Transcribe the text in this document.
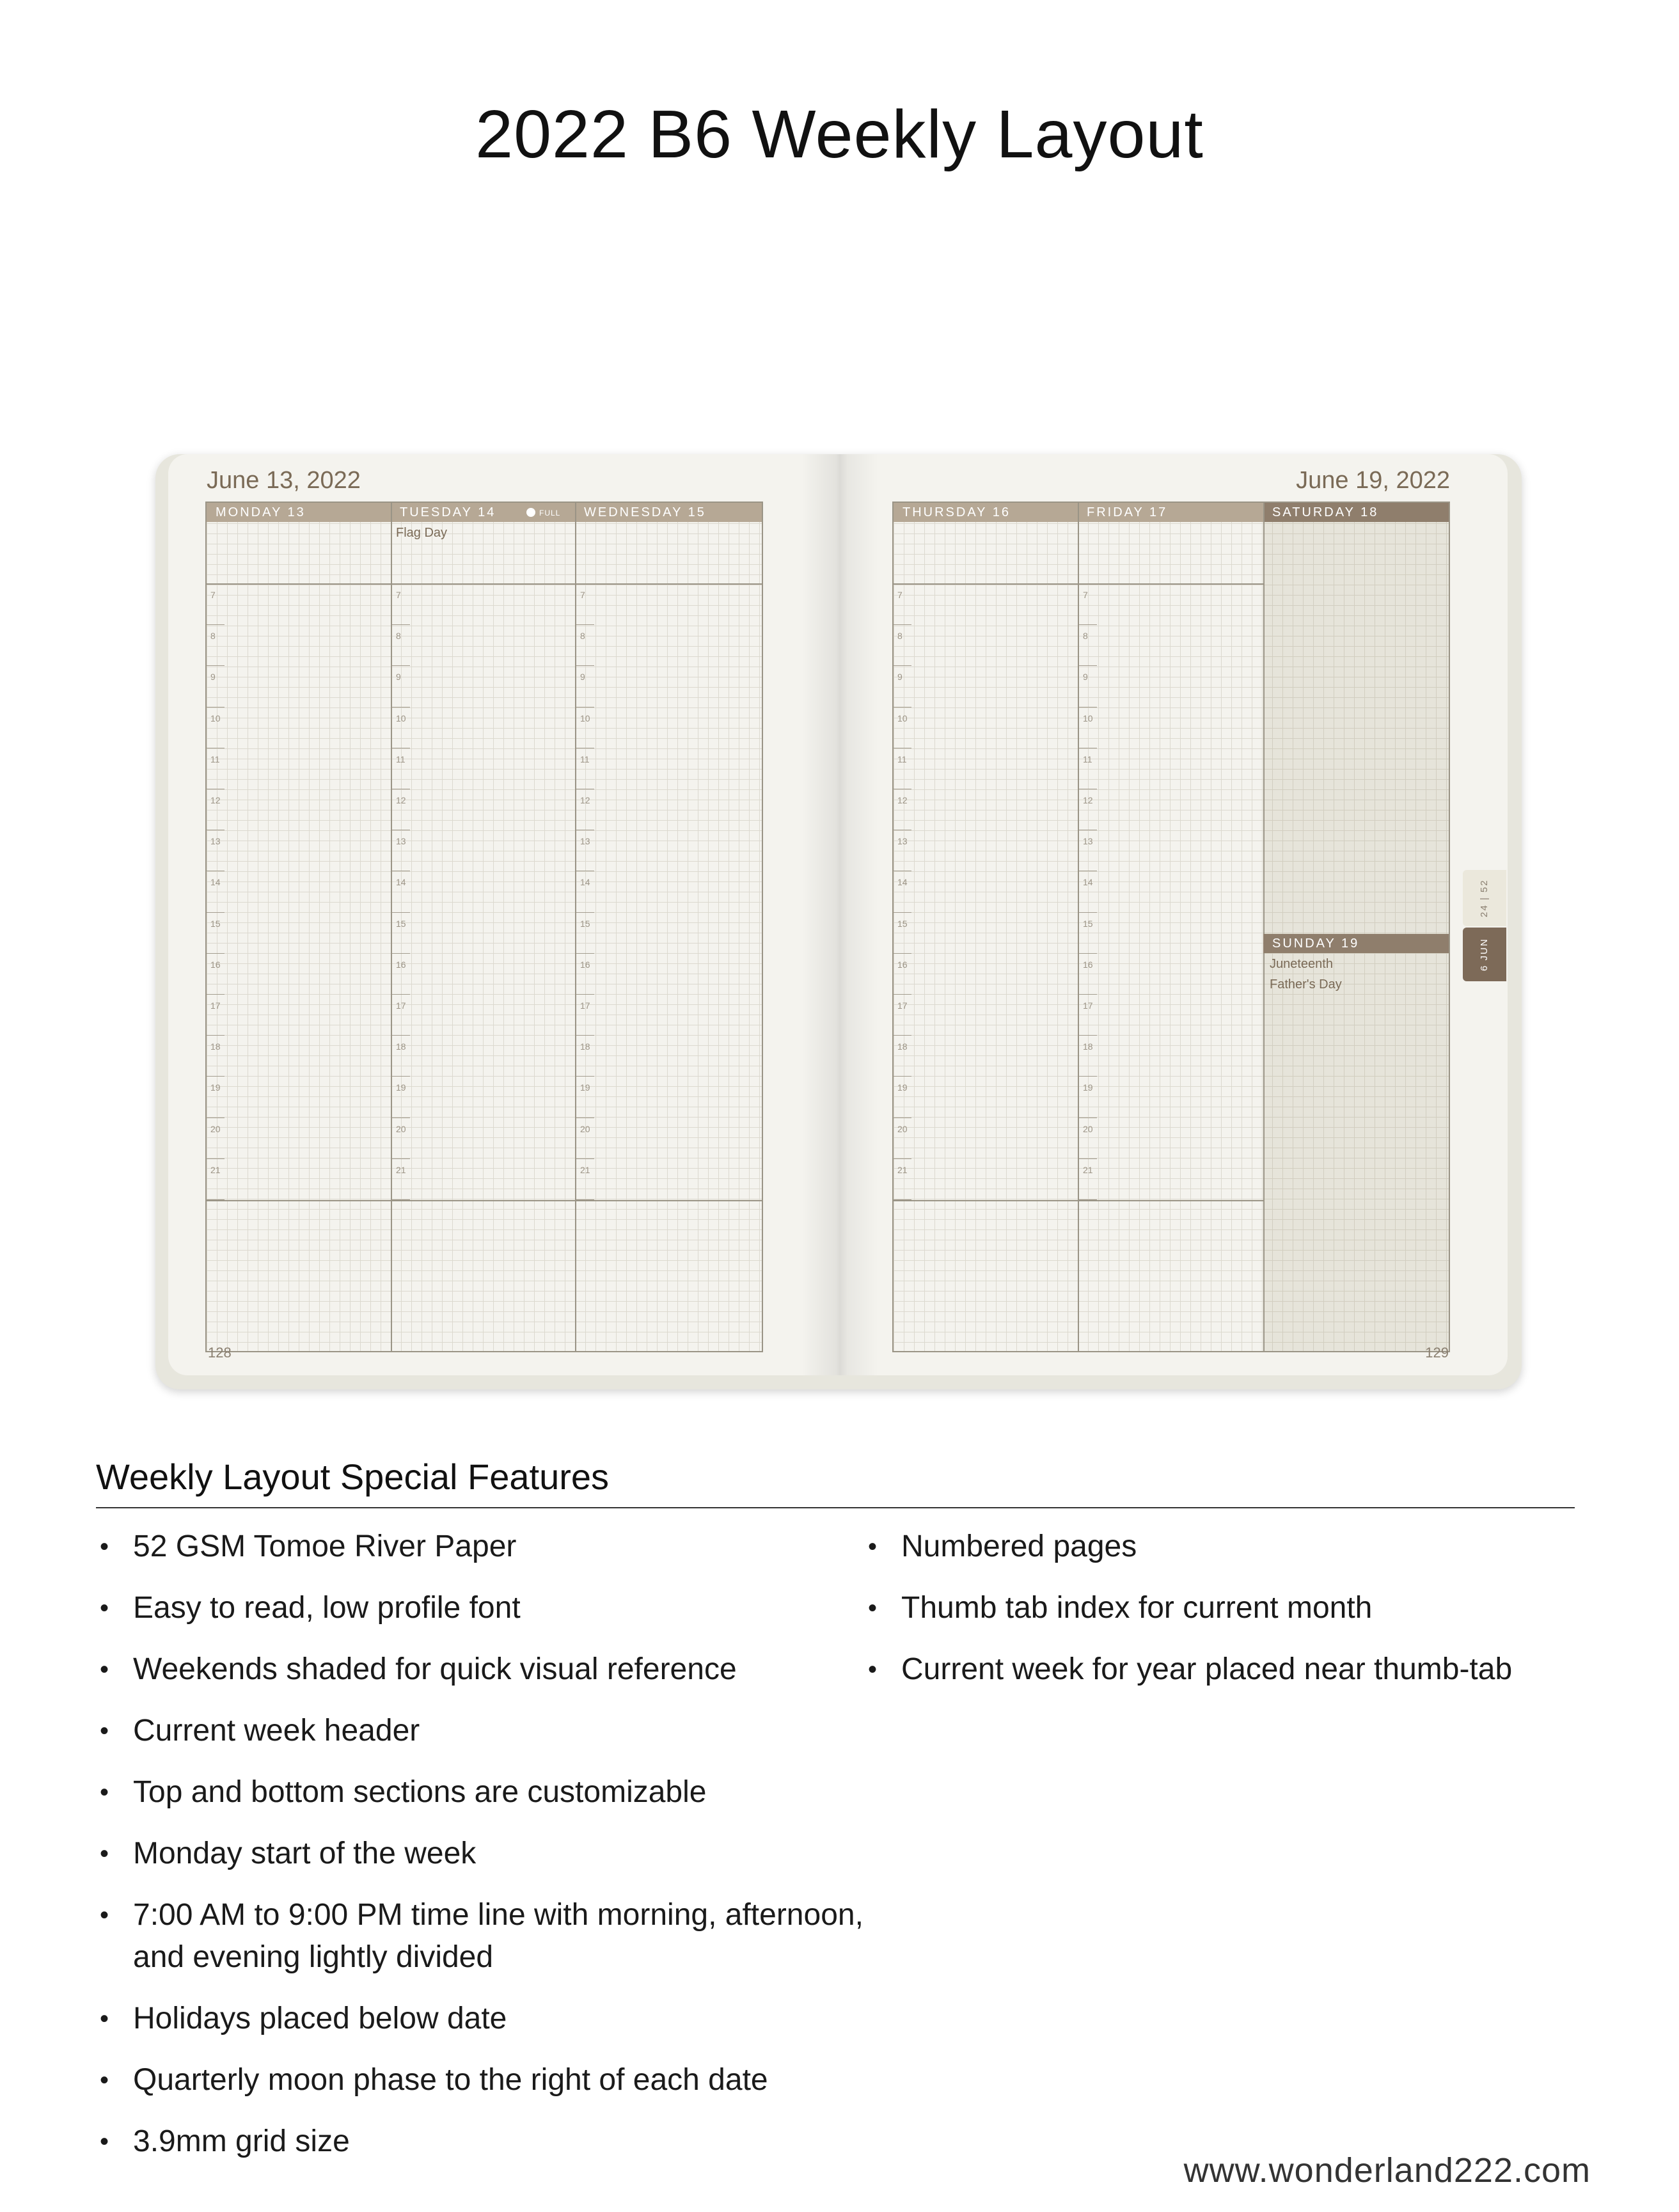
2022 B6 Weekly Layout
June 13, 2022
MONDAY 13	TUESDAY 14	FULL	WEDNESDAY 15
Flag Day
7	7	7
8	8	8
9	9	9
10	10	10
11	11	11
12	12	12
13	13	13
14	14	14
15	15	15
16	16	16
17	17	17
18	18	18
19	19	19
20	20	20
21	21	21
128
June 19, 2022
THURSDAY 16	FRIDAY 17	SATURDAY 18
SUNDAY 19
Juneteenth
Father's Day
7	7
8	8
9	9
10	10
11	11
12	12
13	13
14	14
15	15
16	16
17	17
18	18
19	19
20	20
21	21
129
24 | 52
6 JUN
Weekly Layout Special Features
• 52 GSM Tomoe River Paper
• Easy to read, low profile font
• Weekends shaded for quick visual reference
• Current week header
• Top and bottom sections are customizable
• Monday start of the week
• 7:00 AM to 9:00 PM time line with morning, afternoon, and evening lightly divided
• Holidays placed below date
• Quarterly moon phase to the right of each date
• 3.9mm grid size
• Numbered pages
• Thumb tab index for current month
• Current week for year placed near thumb-tab
www.wonderland222.com
